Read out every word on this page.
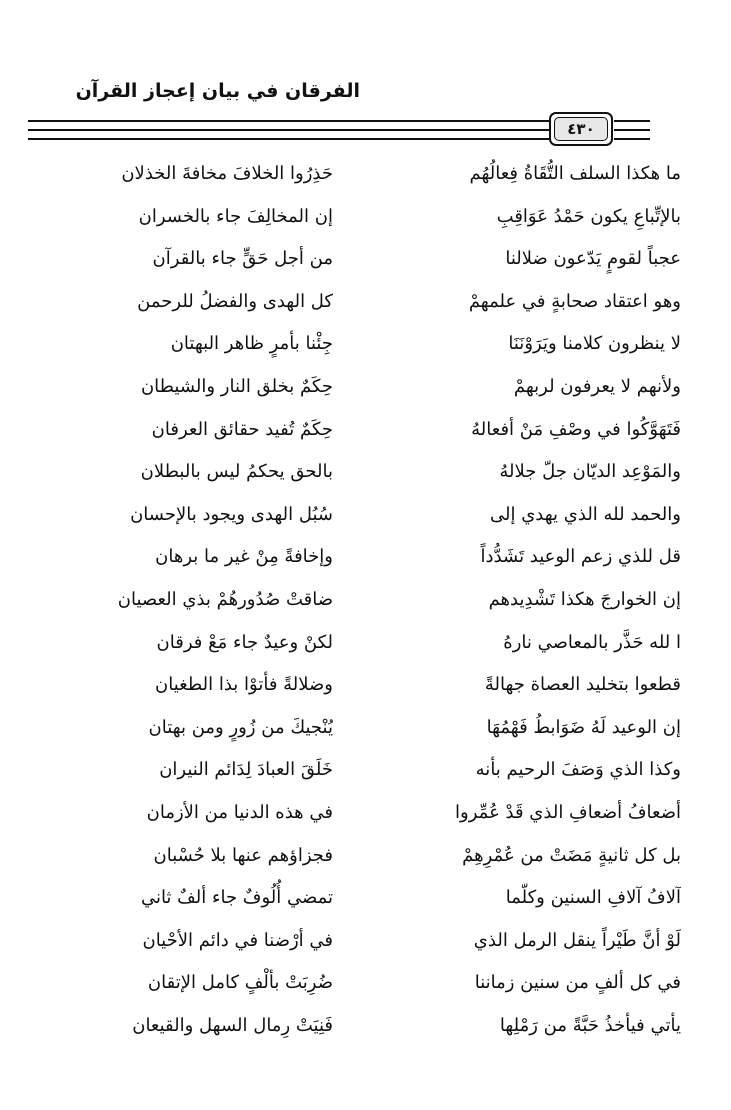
الفرقان في بيان إعجاز القرآن
٤٣٠
ما هكذا السلف التُّقَاةُ فِعالُهُم
بالإتِّباعِ يكون حَمْدُ عَوَاقِبِ
عجباً لقومٍ يَدّعون ضلالنا
وهو اعتقاد صحابةٍ في علمهمْ
لا ينظرون كلامنا ويَرَوْنَنَا
ولأنهم لا يعرفون لربهمْ
فَتَهَوَّكُوا في وصْفِ مَنْ أفعالهُ
والمَوْعِد الديّان جلّ جلالهُ
والحمد لله الذي يهدي إلى
قل للذي زعم الوعيد تَشَدُّداً
إن الخوارجَ هكذا تَشْدِيدهم
ا لله حَذَّر بالمعاصي نارهُ
قطعوا بتخليد العصاة جهالةً
إن الوعيد لَهُ ضَوَابطُ فَهْمُهَا
وكذا الذي وَصَفَ الرحيم بأنه
أضعافُ أضعافِ الذي قَدْ عُمِّروا
بل كل ثانيةٍ مَضَتْ من عُمْرِهِمْ
آلافُ آلافِ السنين وكلّما
لَوْ أنَّ طَيْراً ينقل الرمل الذي
في كل ألفٍ من سنين زماننا
يأتي فيأخذُ حَبَّةً من رَمْلِها
حَذِرُوا الخلافَ مخافةَ الخذلان
إن المخالِفَ جاء بالخسران
من أجل حَقٍّ جاء بالقرآن
كل الهدى والفضلُ للرحمن
جِئْنا بأمرٍ ظاهر البهتان
حِكَمٌ بخلق النار والشيطان
حِكَمٌ تُفيد حقائق العرفان
بالحق يحكمُ ليس بالبطلان
سُبُل الهدى ويجود بالإحسان
وإخافةً مِنْ غير ما برهان
ضاقتْ صُدُورهُمْ بذي العصيان
لكنْ وعيدٌ جاء مَعْ فرقان
وضلالةً فأتوْا بذا الطغيان
يُنْجيكَ من زُورٍ ومن بهتان
خَلَقَ العبادَ لِدَائم النيران
في هذه الدنيا من الأزمان
فجزاؤهم عنها بلا حُسْبان
تمضي أُلُوفٌ جاء ألفٌ ثاني
في أرْضنا في دائم الأحْيان
ضُرِبَتْ بألْفٍ كامل الإتقان
فَنِيَتْ رِمال السهل والقيعان
